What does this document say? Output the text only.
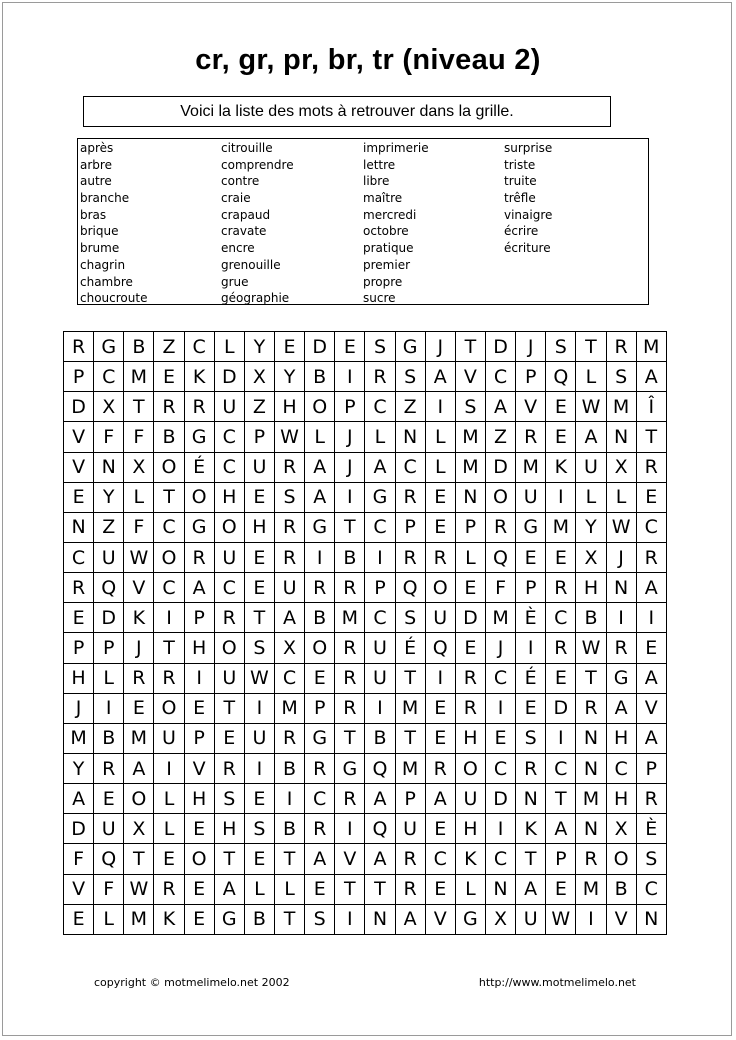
cr, gr, pr, br, tr (niveau 2)
Voici la liste des mots à retrouver dans la grille.
après
arbre
autre
branche
bras
brique
brume
chagrin
chambre
choucroute
citrouille
comprendre
contre
craie
crapaud
cravate
encre
grenouille
grue
géographie
imprimerie
lettre
libre
maître
mercredi
octobre
pratique
premier
propre
sucre
surprise
triste
truite
trêfle
vinaigre
écrire
écriture
R G B Z C L	Y E D E S G	J	T D	J	S T R M
P C M E K D X Y B	I	R S A V C P Q L S A
D X T R R U Z H O P C Z	I	S A V E W M	Î
V F	F B G C P W L	J	L N L M Z R E A N T
V N X O É C U R A	J	A C L M D M K U X R
E Y	L	T O H E S A	I	G R E N O U	I	L	L E
N Z F C G O H R G T C P E P R G M Y W C
C U W O R U E R	I	B	I	R R L Q E E X	J	R
R Q V C A C E U R R P Q O E F P R H N A
E D K	I	P R T A B M C S U D M È C B	I	I
P P	J	T H O S X O R U É Q E	J	I	R W R E
H L R R	I	U W C E R U T	I	R C É E T G A
J	I	E O E T	I	M P R	I	M E R	I	E D R A V
M B M U P E U R G T B T E H E S	I	N H A
Y R A	I	V R	I	B R G Q M R O C R C N C P
A E O L H S E	I	C R A P A U D N T M H R
D U X L E H S B R	I	Q U E H	I	K A N X È
F Q T E O T E T A V A R C K C T P R O S
V F W R E A L	L E T T R E L N A E M B C
E L M K E G B T S	I	N A V G X U W I	V N
copyright © motmelimelo.net 2002	http://www.motmelimelo.net
